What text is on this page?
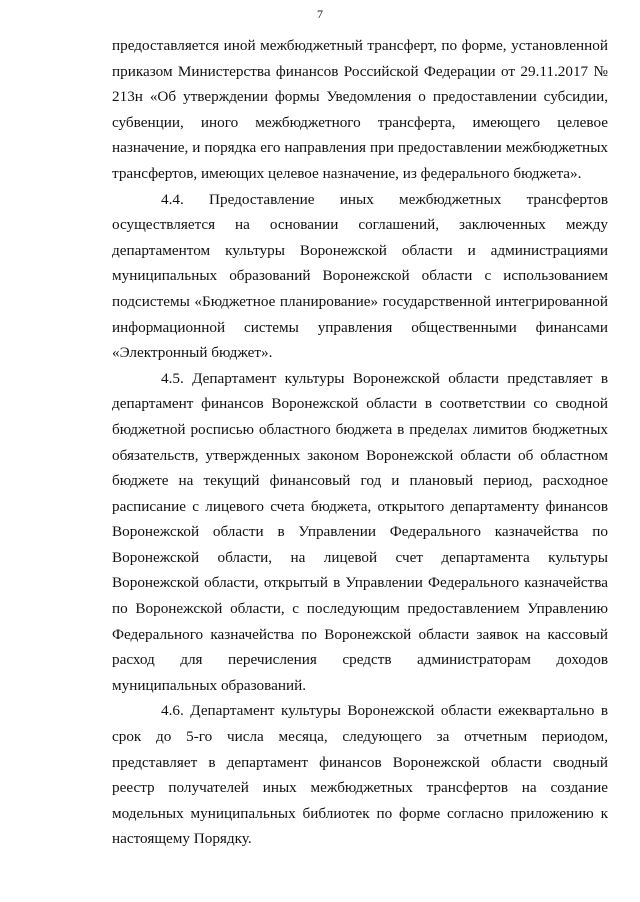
7

предоставляется иной межбюджетный трансферт, по форме, установленной приказом Министерства финансов Российской Федерации от 29.11.2017 № 213н «Об утверждении формы Уведомления о предоставлении субсидии, субвенции, иного межбюджетного трансферта, имеющего целевое назначение, и порядка его направления при предоставлении межбюджетных трансфертов, имеющих целевое назначение, из федерального бюджета».

4.4. Предоставление иных межбюджетных трансфертов осуществляется на основании соглашений, заключенных между департаментом культуры Воронежской области и администрациями муниципальных образований Воронежской области с использованием подсистемы «Бюджетное планирование» государственной интегрированной информационной системы управления общественными финансами «Электронный бюджет».

4.5. Департамент культуры Воронежской области представляет в департамент финансов Воронежской области в соответствии со сводной бюджетной росписью областного бюджета в пределах лимитов бюджетных обязательств, утвержденных законом Воронежской области об областном бюджете на текущий финансовый год и плановый период, расходное расписание с лицевого счета бюджета, открытого департаменту финансов Воронежской области в Управлении Федерального казначейства по Воронежской области, на лицевой счет департамента культуры Воронежской области, открытый в Управлении Федерального казначейства по Воронежской области, с последующим предоставлением Управлению Федерального казначейства по Воронежской области заявок на кассовый расход для перечисления средств администраторам доходов муниципальных образований.

4.6. Департамент культуры Воронежской области ежеквартально в срок до 5-го числа месяца, следующего за отчетным периодом, представляет в департамент финансов Воронежской области сводный реестр получателей иных межбюджетных трансфертов на создание модельных муниципальных библиотек по форме согласно приложению к настоящему Порядку.
